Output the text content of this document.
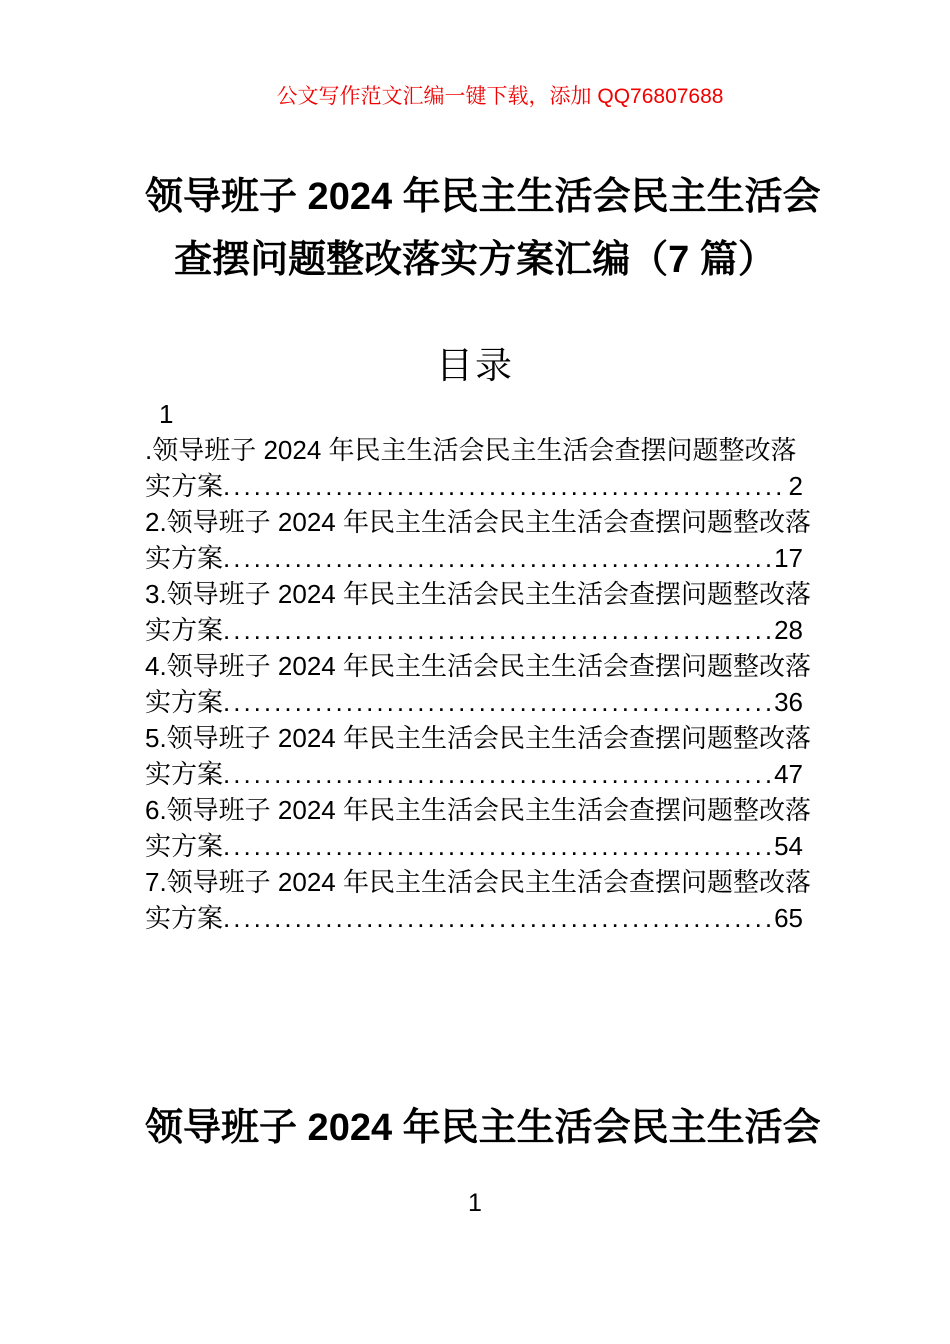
公文写作范文汇编一键下载，添加 QQ76807688
领导班子 2024 年民主生活会民主生活会
查摆问题整改落实方案汇编（7 篇）
目录
1
.领导班子 2024 年民主生活会民主生活会查摆问题整改落
实方案 .....	2
2.领导班子 2024 年民主生活会民主生活会查摆问题整改落
实方案 .....	17
3.领导班子 2024 年民主生活会民主生活会查摆问题整改落
实方案 .....	28
4.领导班子 2024 年民主生活会民主生活会查摆问题整改落
实方案 .....	36
5.领导班子 2024 年民主生活会民主生活会查摆问题整改落
实方案 .....	47
6.领导班子 2024 年民主生活会民主生活会查摆问题整改落
实方案 .....	54
7.领导班子 2024 年民主生活会民主生活会查摆问题整改落
实方案 .....	65
领导班子 2024 年民主生活会民主生活会
1
